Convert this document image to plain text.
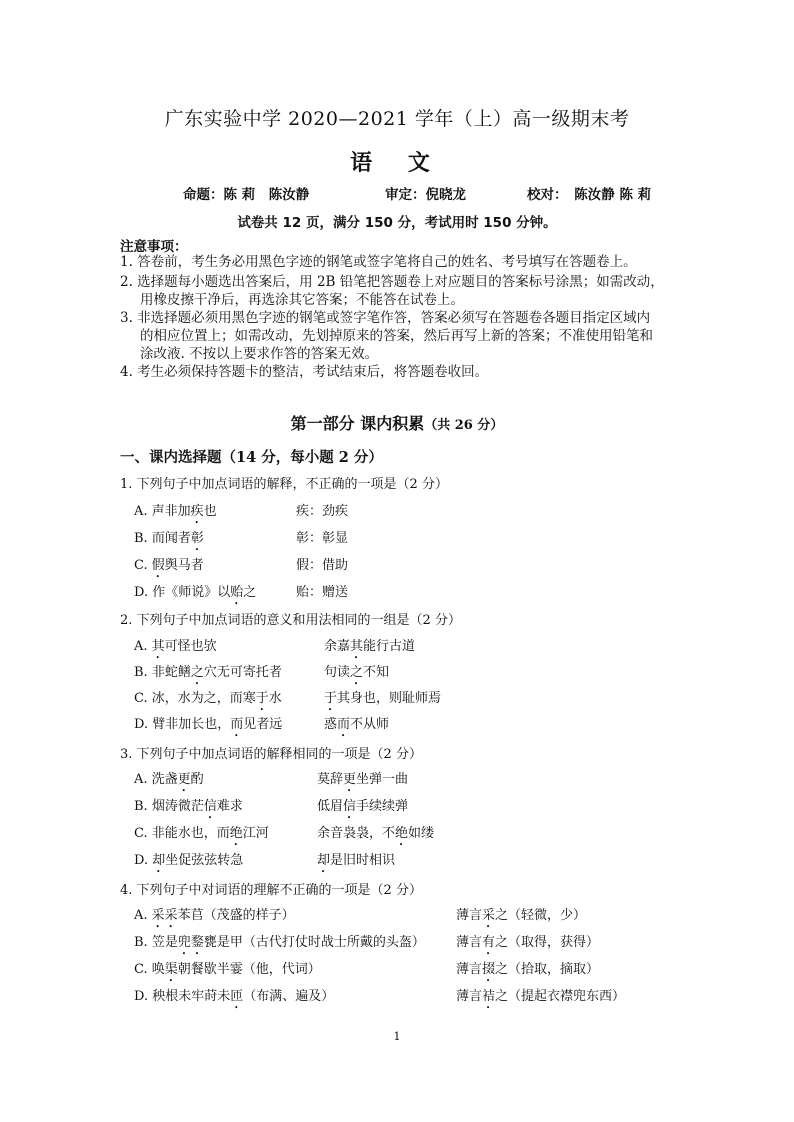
广东实验中学 2020—2021 学年（上）高一级期末考
语 文
命题：陈 莉　陈汝静	审定：倪晓龙	校对：　陈汝静 陈 莉
试卷共 12 页，满分 150 分，考试用时 150 分钟。
注意事项：
1. 答卷前，考生务必用黑色字迹的钢笔或签字笔将自己的姓名、考号填写在答题卷上。
2. 选择题每小题选出答案后，用 2B 铅笔把答题卷上对应题目的答案标号涂黑；如需改动，
用橡皮擦干净后，再选涂其它答案；不能答在试卷上。
3. 非选择题必须用黑色字迹的钢笔或签字笔作答，答案必须写在答题卷各题目指定区域内
的相应位置上；如需改动，先划掉原来的答案，然后再写上新的答案；不准使用铅笔和
涂改液. 不按以上要求作答的答案无效。
4. 考生必须保持答题卡的整洁，考试结束后，将答题卷收回。
第一部分 课内积累（共 26 分）
一、课内选择题（14 分，每小题 2 分）
1. 下列句子中加点词语的解释，不正确的一项是（2 分）
A. 声非加疾也	疾：劲疾
B. 而闻者彰	彰：彰显
C. 假舆马者	假：借助
D. 作《师说》以贻之	贻：赠送
2. 下列句子中加点词语的意义和用法相同的一组是（2 分）
A. 其可怪也欤	余嘉其能行古道
B. 非蛇鳝之穴无可寄托者	句读之不知
C. 冰，水为之，而寒于水	于其身也，则耻师焉
D. 臂非加长也，而见者远	惑而不从师
3. 下列句子中加点词语的解释相同的一项是（2 分）
A. 洗盏更酌	莫辞更坐弹一曲
B. 烟涛微茫信难求	低眉信手续续弹
C. 非能水也，而绝江河	余音袅袅，不绝如缕
D. 却坐促弦弦转急	却是旧时相识
4. 下列句子中对词语的理解不正确的一项是（2 分）
A. 采采苯苢（茂盛的样子）	薄言采之（轻微，少）
B. 笠是兜鍪甕是甲（古代打仗时战士所戴的头盔） 薄言有之（取得，获得）
C. 唤渠朝餐歇半霎（他，代词）	薄言掇之（拾取，摘取）
D. 秧根未牢莳未匝（布满、遍及）	薄言袺之（提起衣襟兜东西）
1
